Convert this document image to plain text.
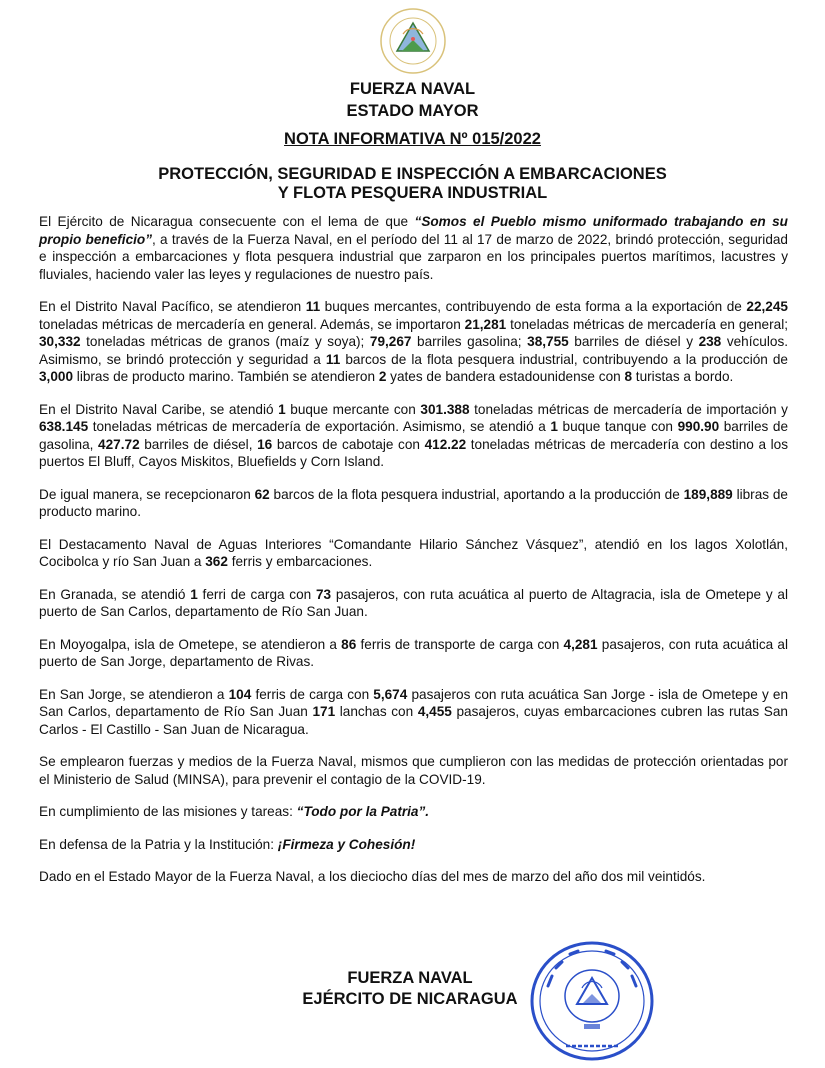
FUERZA NAVAL
ESTADO MAYOR
NOTA INFORMATIVA Nº 015/2022
PROTECCIÓN, SEGURIDAD E INSPECCIÓN A EMBARCACIONES
Y FLOTA PESQUERA INDUSTRIAL

El Ejército de Nicaragua consecuente con el lema de que “Somos el Pueblo mismo uniformado trabajando en su propio beneficio”, a través de la Fuerza Naval, en el período del 11 al 17 de marzo de 2022, brindó protección, seguridad e inspección a embarcaciones y flota pesquera industrial que zarparon en los principales puertos marítimos, lacustres y fluviales, haciendo valer las leyes y regulaciones de nuestro país.

En el Distrito Naval Pacífico, se atendieron 11 buques mercantes, contribuyendo de esta forma a la exportación de 22,245 toneladas métricas de mercadería en general. Además, se importaron 21,281 toneladas métricas de mercadería en general; 30,332 toneladas métricas de granos (maíz y soya); 79,267 barriles gasolina; 38,755 barriles de diésel y 238 vehículos. Asimismo, se brindó protección y seguridad a 11 barcos de la flota pesquera industrial, contribuyendo a la producción de 3,000 libras de producto marino. También se atendieron 2 yates de bandera estadounidense con 8 turistas a bordo.

En el Distrito Naval Caribe, se atendió 1 buque mercante con 301.388 toneladas métricas de mercadería de importación y 638.145 toneladas métricas de mercadería de exportación. Asimismo, se atendió a 1 buque tanque con 990.90 barriles de gasolina, 427.72 barriles de diésel, 16 barcos de cabotaje con 412.22 toneladas métricas de mercadería con destino a los puertos El Bluff, Cayos Miskitos, Bluefields y Corn Island.

De igual manera, se recepcionaron 62 barcos de la flota pesquera industrial, aportando a la producción de 189,889 libras de producto marino.

El Destacamento Naval de Aguas Interiores “Comandante Hilario Sánchez Vásquez”, atendió en los lagos Xolotlán, Cocibolca y río San Juan a 362 ferris y embarcaciones.

En Granada, se atendió 1 ferri de carga con 73 pasajeros, con ruta acuática al puerto de Altagracia, isla de Ometepe y al puerto de San Carlos, departamento de Río San Juan.

En Moyogalpa, isla de Ometepe, se atendieron a 86 ferris de transporte de carga con 4,281 pasajeros, con ruta acuática al puerto de San Jorge, departamento de Rivas.

En San Jorge, se atendieron a 104 ferris de carga con 5,674 pasajeros con ruta acuática San Jorge - isla de Ometepe y en San Carlos, departamento de Río San Juan 171 lanchas con 4,455 pasajeros, cuyas embarcaciones cubren las rutas San Carlos - El Castillo - San Juan de Nicaragua.

Se emplearon fuerzas y medios de la Fuerza Naval, mismos que cumplieron con las medidas de protección orientadas por el Ministerio de Salud (MINSA), para prevenir el contagio de la COVID-19.

En cumplimiento de las misiones y tareas: “Todo por la Patria”.

En defensa de la Patria y la Institución: ¡Firmeza y Cohesión!

Dado en el Estado Mayor de la Fuerza Naval, a los dieciocho días del mes de marzo del año dos mil veintidós.

FUERZA NAVAL
EJÉRCITO DE NICARAGUA
